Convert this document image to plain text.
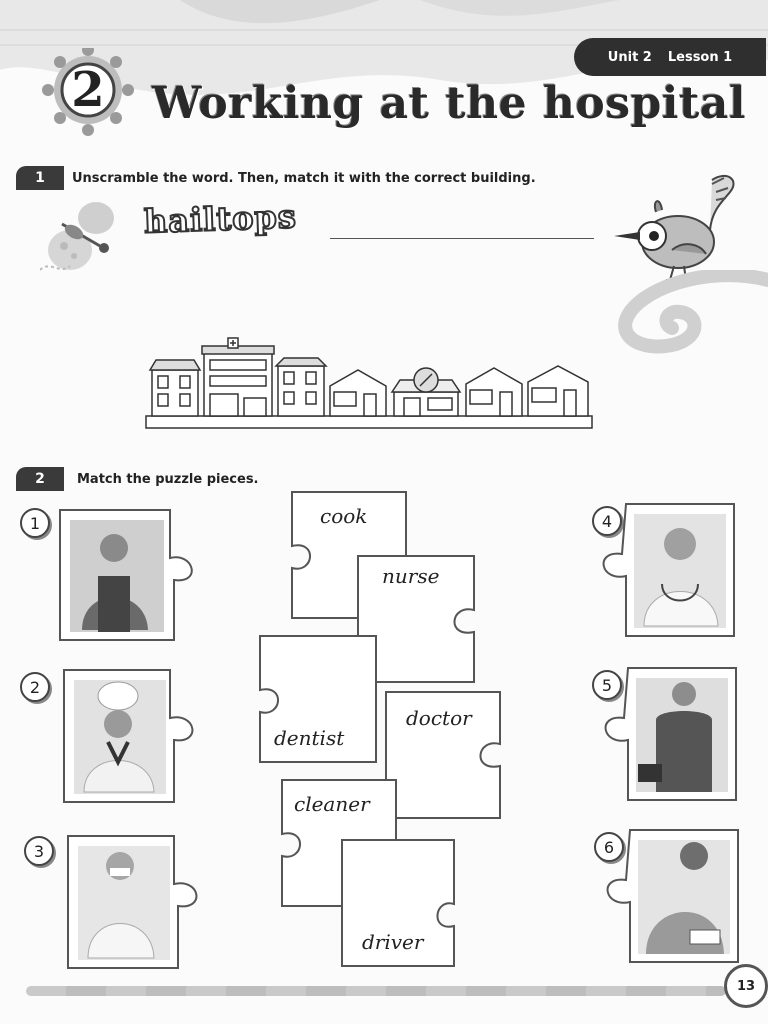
Unit 2 Lesson 1
2	Working at the hospital
1	Unscramble the word. Then, match it with the correct building.
hailtops
2	Match the puzzle pieces.
1
2
3
4
5
6
cook
nurse
dentist
doctor
cleaner
driver
13
